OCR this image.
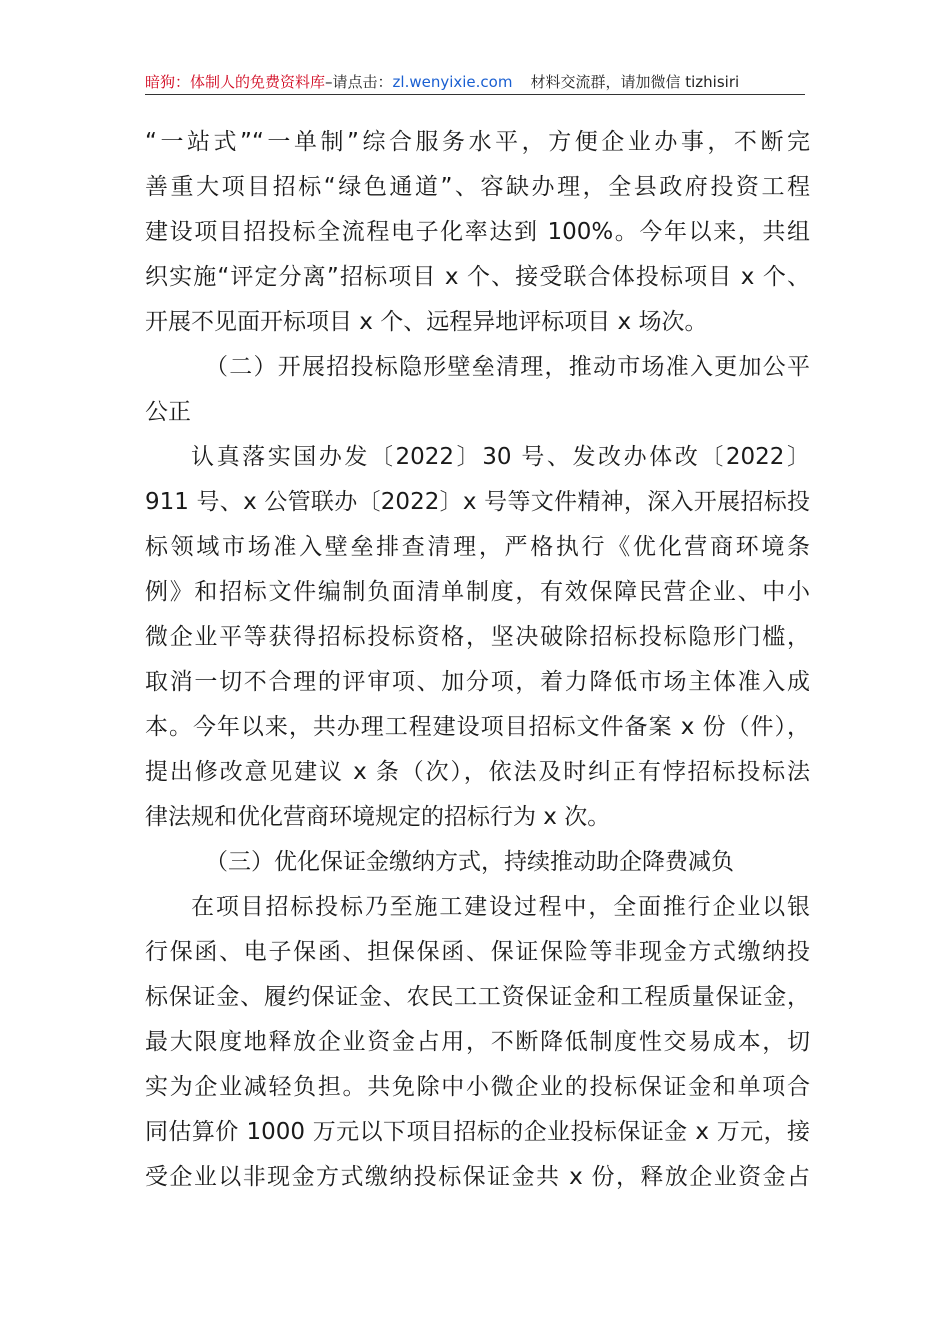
暗狗：体制人的免费资料库–请点击：zl.wenyixie.com 材料交流群，请加微信 tizhisiri
“一站式”“一单制”综合服务水平，方便企业办事，不断完
善重大项目招标“绿色通道”、容缺办理，全县政府投资工程
建设项目招投标全流程电子化率达到 100%。今年以来，共组
织实施“评定分离”招标项目 x 个、接受联合体投标项目 x 个、
开展不见面开标项目 x 个、远程异地评标项目 x 场次。
（二）开展招投标隐形壁垒清理，推动市场准入更加公平
公正
认真落实国办发〔2022〕30 号、发改办体改〔2022〕
911 号、x 公管联办〔2022〕x 号等文件精神，深入开展招标投
标领域市场准入壁垒排查清理，严格执行《优化营商环境条
例》和招标文件编制负面清单制度，有效保障民营企业、中小
微企业平等获得招标投标资格，坚决破除招标投标隐形门槛，
取消一切不合理的评审项、加分项，着力降低市场主体准入成
本。今年以来，共办理工程建设项目招标文件备案 x 份（件），
提出修改意见建议 x 条（次），依法及时纠正有悖招标投标法
律法规和优化营商环境规定的招标行为 x 次。
（三）优化保证金缴纳方式，持续推动助企降费减负
在项目招标投标乃至施工建设过程中，全面推行企业以银
行保函、电子保函、担保保函、保证保险等非现金方式缴纳投
标保证金、履约保证金、农民工工资保证金和工程质量保证金，
最大限度地释放企业资金占用，不断降低制度性交易成本，切
实为企业减轻负担。共免除中小微企业的投标保证金和单项合
同估算价 1000 万元以下项目招标的企业投标保证金 x 万元，接
受企业以非现金方式缴纳投标保证金共 x 份，释放企业资金占
